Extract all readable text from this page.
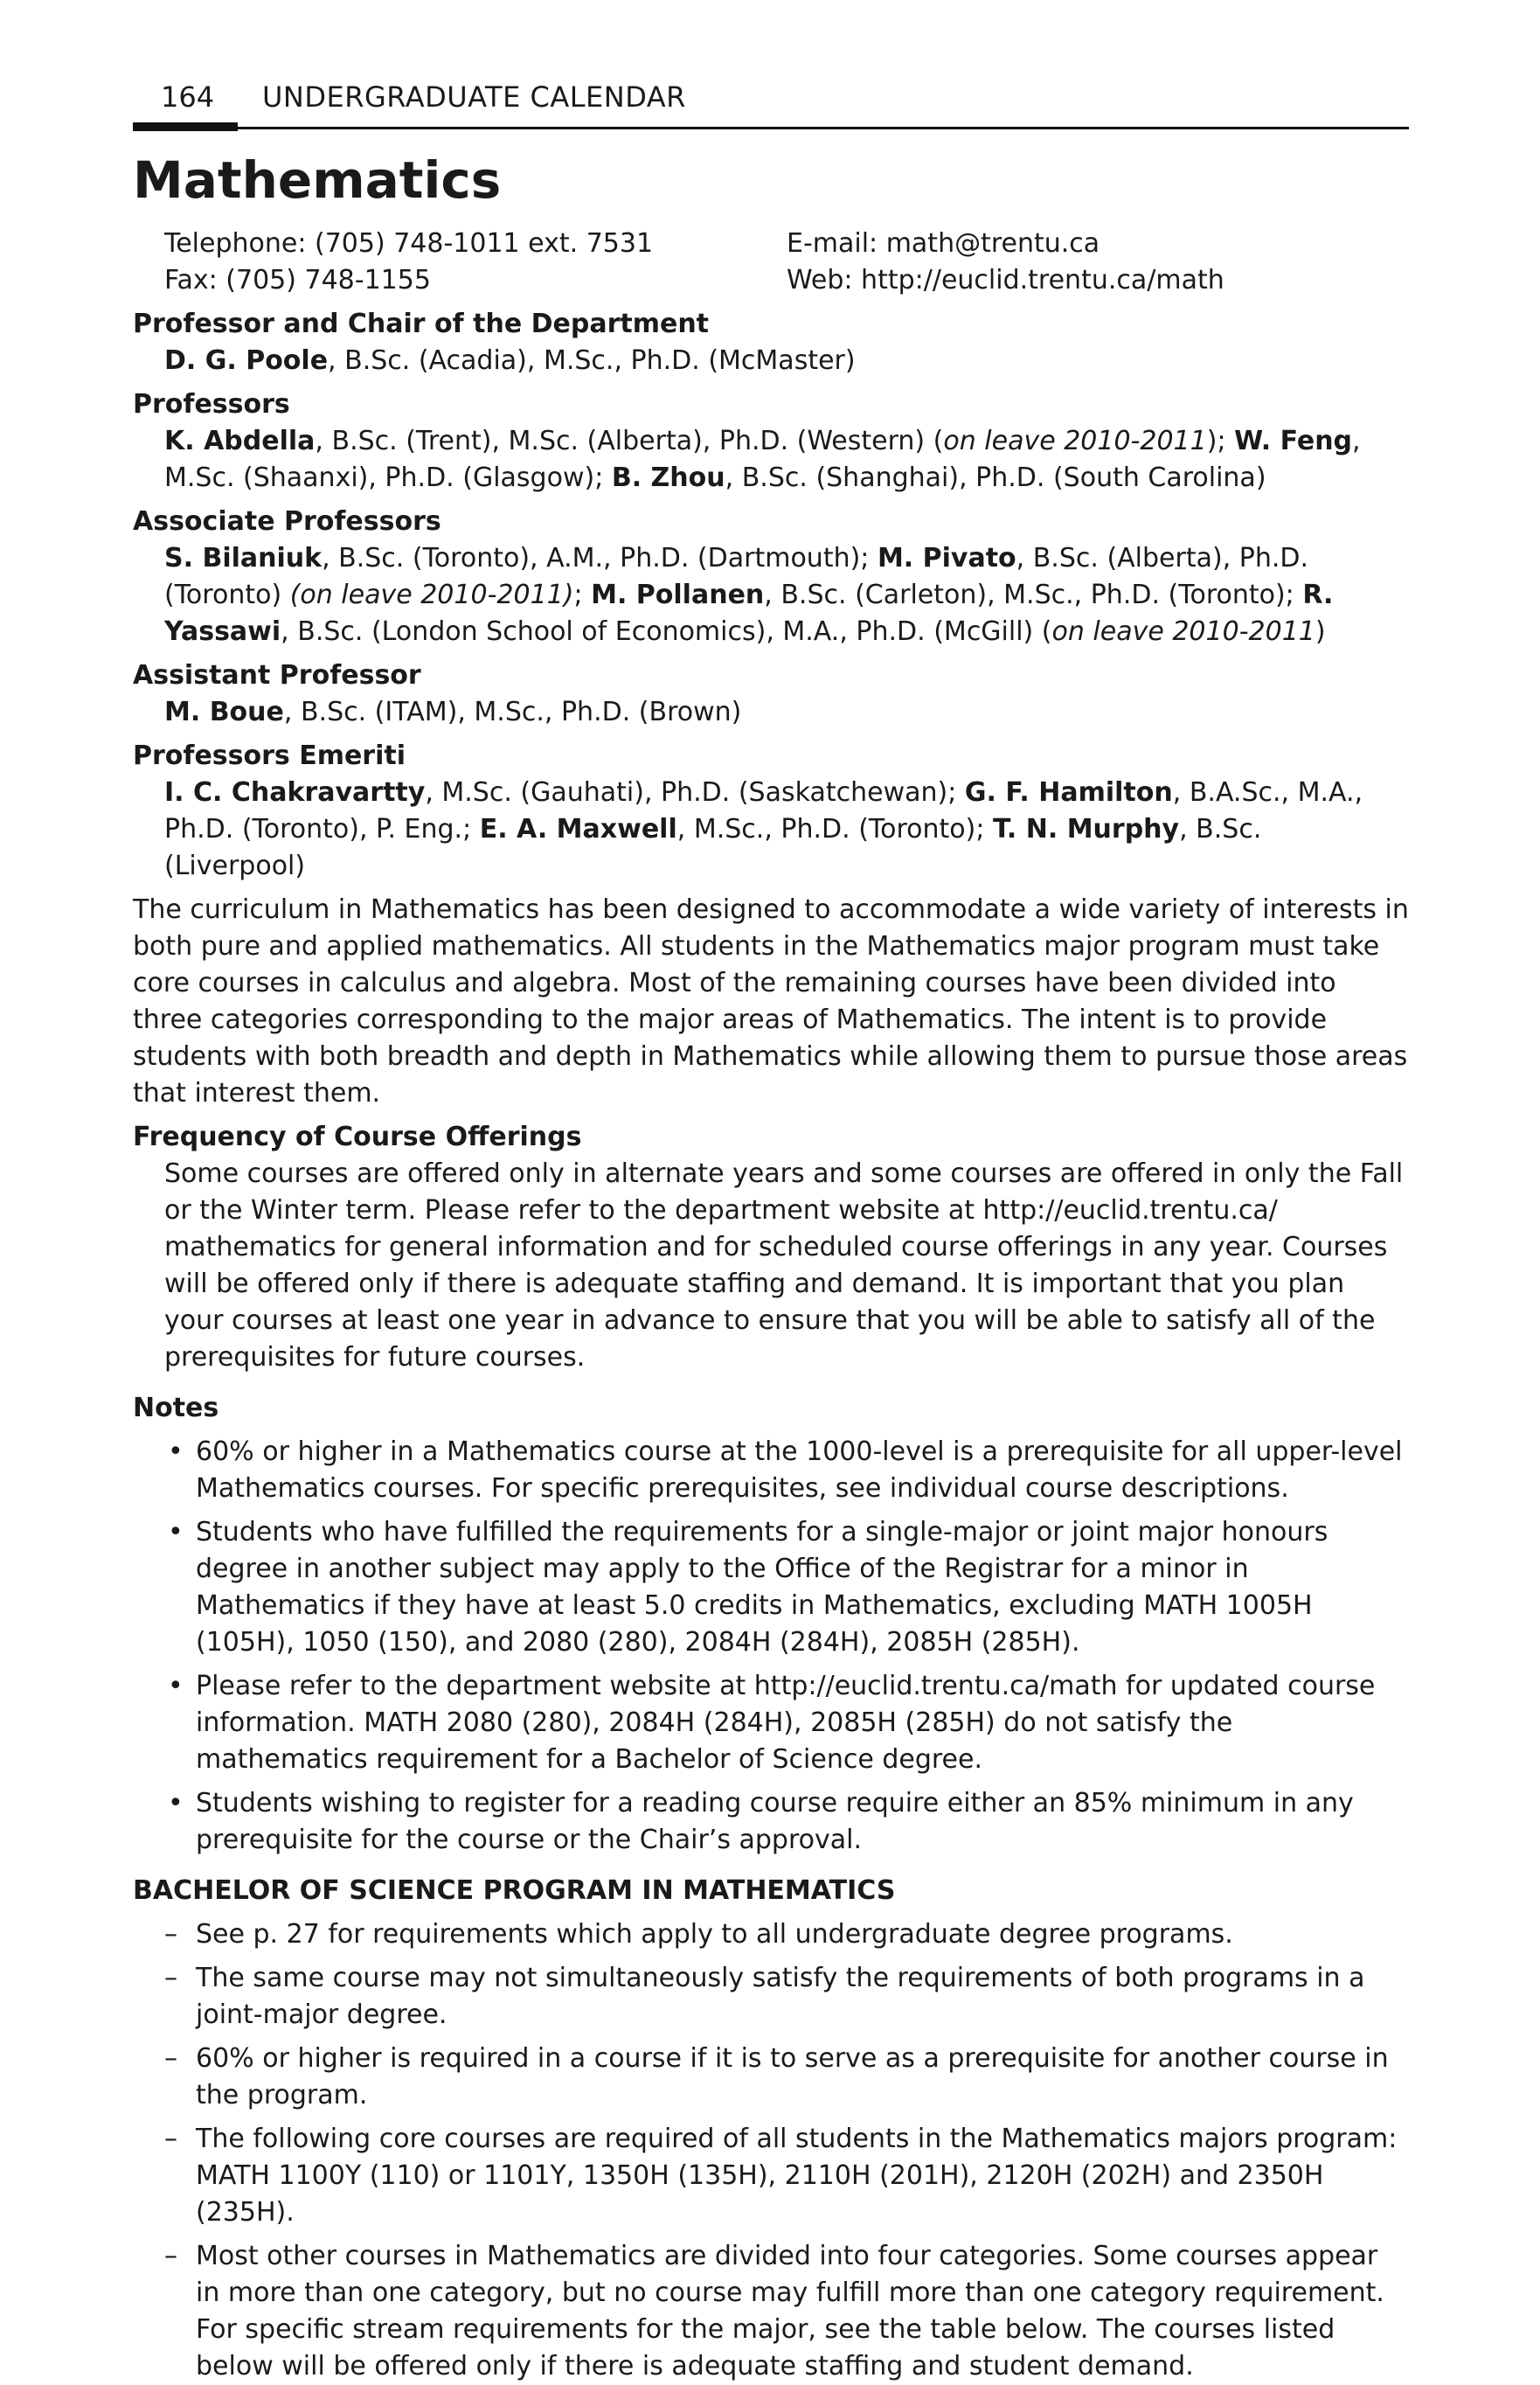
164 UNDERGRADUATE CALENDAR
Mathematics
Telephone: (705) 748-1011 ext. 7531	E-mail: math@trentu.ca
Fax: (705) 748-1155	Web: http://euclid.trentu.ca/math
Professor and Chair of the Department
D. G. Poole, B.Sc. (Acadia), M.Sc., Ph.D. (McMaster)
Professors
K. Abdella, B.Sc. (Trent), M.Sc. (Alberta), Ph.D. (Western) (on leave 2010-2011); W. Feng, M.Sc. (Shaanxi), Ph.D. (Glasgow); B. Zhou, B.Sc. (Shanghai), Ph.D. (South Carolina)
Associate Professors
S. Bilaniuk, B.Sc. (Toronto), A.M., Ph.D. (Dartmouth); M. Pivato, B.Sc. (Alberta), Ph.D. (Toronto) (on leave 2010-2011); M. Pollanen, B.Sc. (Carleton), M.Sc., Ph.D. (Toronto); R. Yassawi, B.Sc. (London School of Economics), M.A., Ph.D. (McGill) (on leave 2010-2011)
Assistant Professor
M. Boue, B.Sc. (ITAM), M.Sc., Ph.D. (Brown)
Professors Emeriti
I. C. Chakravartty, M.Sc. (Gauhati), Ph.D. (Saskatchewan); G. F. Hamilton, B.A.Sc., M.A., Ph.D. (Toronto), P. Eng.; E. A. Maxwell, M.Sc., Ph.D. (Toronto); T. N. Murphy, B.Sc. (Liverpool)
The curriculum in Mathematics has been designed to accommodate a wide variety of interests in both pure and applied mathematics. All students in the Mathematics major program must take core courses in calculus and algebra. Most of the remaining courses have been divided into three categories corresponding to the major areas of Mathematics. The intent is to provide students with both breadth and depth in Mathematics while allowing them to pursue those areas that interest them.
Frequency of Course Offerings
Some courses are offered only in alternate years and some courses are offered in only the Fall or the Winter term. Please refer to the department website at http://euclid.trentu.ca/ mathematics for general information and for scheduled course offerings in any year. Courses will be offered only if there is adequate staffing and demand. It is important that you plan your courses at least one year in advance to ensure that you will be able to satisfy all of the prerequisites for future courses.
Notes
• 60% or higher in a Mathematics course at the 1000-level is a prerequisite for all upper-level Mathematics courses. For specific prerequisites, see individual course descriptions.
• Students who have fulfilled the requirements for a single-major or joint major honours degree in another subject may apply to the Office of the Registrar for a minor in Mathematics if they have at least 5.0 credits in Mathematics, excluding MATH 1005H (105H), 1050 (150), and 2080 (280), 2084H (284H), 2085H (285H).
• Please refer to the department website at http://euclid.trentu.ca/math for updated course information. MATH 2080 (280), 2084H (284H), 2085H (285H) do not satisfy the mathematics requirement for a Bachelor of Science degree.
• Students wishing to register for a reading course require either an 85% minimum in any prerequisite for the course or the Chair’s approval.
BACHELOR OF SCIENCE PROGRAM IN MATHEMATICS
– See p. 27 for requirements which apply to all undergraduate degree programs.
– The same course may not simultaneously satisfy the requirements of both programs in a joint-major degree.
– 60% or higher is required in a course if it is to serve as a prerequisite for another course in the program.
– The following core courses are required of all students in the Mathematics majors program: MATH 1100Y (110) or 1101Y, 1350H (135H), 2110H (201H), 2120H (202H) and 2350H (235H).
– Most other courses in Mathematics are divided into four categories. Some courses appear in more than one category, but no course may fulfill more than one category requirement. For specific stream requirements for the major, see the table below. The courses listed below will be offered only if there is adequate staffing and student demand.
